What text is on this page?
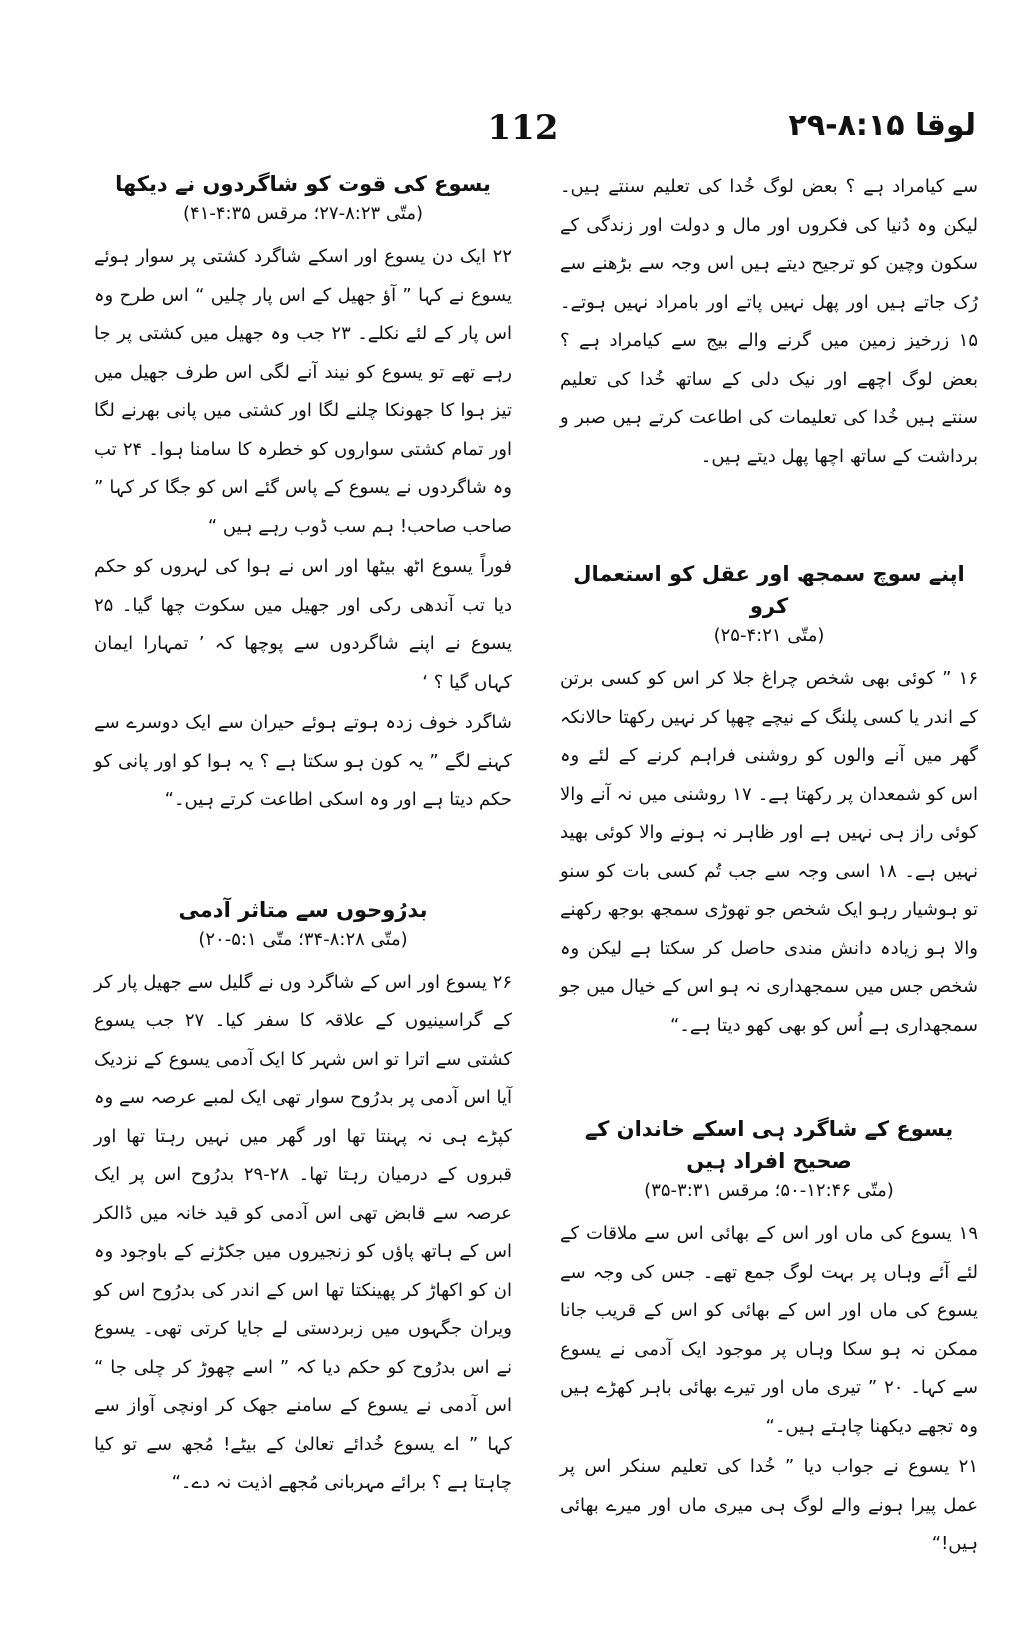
112	لوقا ۸:۱۵-۲۹

سے کیامراد ہے ؟ بعض لوگ خُدا کی تعلیم سنتے ہیں۔ لیکن وہ دُنیا کی فکروں اور مال و دولت اور زندگی کے سکون وچین کو ترجیح دیتے ہیں اس وجہ سے بڑھنے سے رُک جاتے ہیں اور پھل نہیں پاتے اور بامراد نہیں ہوتے۔ ۱۵ زرخیز زمین میں گرنے والے بیج سے کیامراد ہے ؟ بعض لوگ اچھے اور نیک دلی کے ساتھ خُدا کی تعلیم سنتے ہیں خُدا کی تعلیمات کی اطاعت کرتے ہیں صبر و برداشت کے ساتھ اچھا پھل دیتے ہیں۔

اپنے سوچ سمجھ اور عقل کو استعمال کرو
(متّی ۴:۲۱-۲۵)

۱۶ ” کوئی بھی شخص چراغ جلا کر اس کو کسی برتن کے اندر یا کسی پلنگ کے نیچے چھپا کر نہیں رکھتا حالانکہ گھر میں آنے والوں کو روشنی فراہم کرنے کے لئے وہ اس کو شمعدان پر رکھتا ہے۔ ۱۷ روشنی میں نہ آنے والا کوئی راز ہی نہیں ہے اور ظاہر نہ ہونے والا کوئی بھید نہیں ہے۔ ۱۸ اسی وجہ سے جب تُم کسی بات کو سنو تو ہوشیار رہو ایک شخص جو تھوڑی سمجھ بوجھ رکھنے والا ہو زیادہ دانش مندی حاصل کر سکتا ہے لیکن وہ شخص جس میں سمجھداری نہ ہو اس کے خیال میں جو سمجھداری ہے اُس کو بھی کھو دیتا ہے۔“

یسوع کے شاگرد ہی اسکے خاندان کے صحیح افراد ہیں
(متّی ۱۲:۴۶-۵۰؛ مرقس ۳:۳۱-۳۵)

۱۹ یسوع کی ماں اور اس کے بھائی اس سے ملاقات کے لئے آئے وہاں پر بہت لوگ جمع تھے۔ جس کی وجہ سے یسوع کی ماں اور اس کے بھائی کو اس کے قریب جانا ممکن نہ ہو سکا وہاں پر موجود ایک آدمی نے یسوع سے کہا۔ ۲۰ ” تیری ماں اور تیرے بھائی باہر کھڑے ہیں وہ تجھے دیکھنا چاہتے ہیں۔“

۲۱ یسوع نے جواب دیا ” خُدا کی تعلیم سنکر اس پر عمل پیرا ہونے والے لوگ ہی میری ماں اور میرے بھائی ہیں!“

یسوع کی قوت کو شاگردوں نے دیکھا
(متّی ۸:۲۳-۲۷؛ مرقس ۴:۳۵-۴۱)

۲۲ ایک دن یسوع اور اسکے شاگرد کشتی پر سوار ہوئے یسوع نے کہا ” آؤ جھیل کے اس پار چلیں “ اس طرح وہ اس پار کے لئے نکلے۔ ۲۳ جب وہ جھیل میں کشتی پر جا رہے تھے تو یسوع کو نیند آنے لگی اس طرف جھیل میں تیز ہوا کا جھونکا چلنے لگا اور کشتی میں پانی بھرنے لگا اور تمام کشتی سواروں کو خطرہ کا سامنا ہوا۔ ۲۴ تب وہ شاگردوں نے یسوع کے پاس گئے اس کو جگا کر کہا ” صاحب صاحب! ہم سب ڈوب رہے ہیں “

فوراً یسوع اٹھ بیٹھا اور اس نے ہوا کی لہروں کو حکم دیا تب آندھی رکی اور جھیل میں سکوت چھا گیا۔ ۲۵ یسوع نے اپنے شاگردوں سے پوچھا کہ ’ تمہارا ایمان کہاں گیا ؟ ‘

شاگرد خوف زدہ ہوتے ہوئے حیران سے ایک دوسرے سے کہنے لگے ” یہ کون ہو سکتا ہے ؟ یہ ہوا کو اور پانی کو حکم دیتا ہے اور وہ اسکی اطاعت کرتے ہیں۔“

بدرُوحوں سے متاثر آدمی
(متّی ۸:۲۸-۳۴؛ متّی ۵:۱-۲۰)

۲۶ یسوع اور اس کے شاگرد وں نے گلیل سے جھیل پار کر کے گراسینیوں کے علاقہ کا سفر کیا۔ ۲۷ جب یسوع کشتی سے اترا تو اس شہر کا ایک آدمی یسوع کے نزدیک آیا اس آدمی پر بدرُوح سوار تھی ایک لمبے عرصہ سے وہ کپڑے ہی نہ پہنتا تھا اور گھر میں نہیں رہتا تھا اور قبروں کے درمیان رہتا تھا۔ ۲۸-۲۹ بدرُوح اس پر ایک عرصہ سے قابض تھی اس آدمی کو قید خانہ میں ڈالکر اس کے ہاتھ پاؤں کو زنجیروں میں جکڑنے کے باوجود وہ ان کو اکھاڑ کر پھینکتا تھا اس کے اندر کی بدرُوح اس کو ویران جگہوں میں زبردستی لے جایا کرتی تھی۔ یسوع نے اس بدرُوح کو حکم دیا کہ ” اسے چھوڑ کر چلی جا “ اس آدمی نے یسوع کے سامنے جھک کر اونچی آواز سے کہا ” اے یسوع خُدائے تعالیٰ کے بیٹے! مُجھ سے تو کیا چاہتا ہے ؟ برائے مہربانی مُجھے اذیت نہ دے۔“
